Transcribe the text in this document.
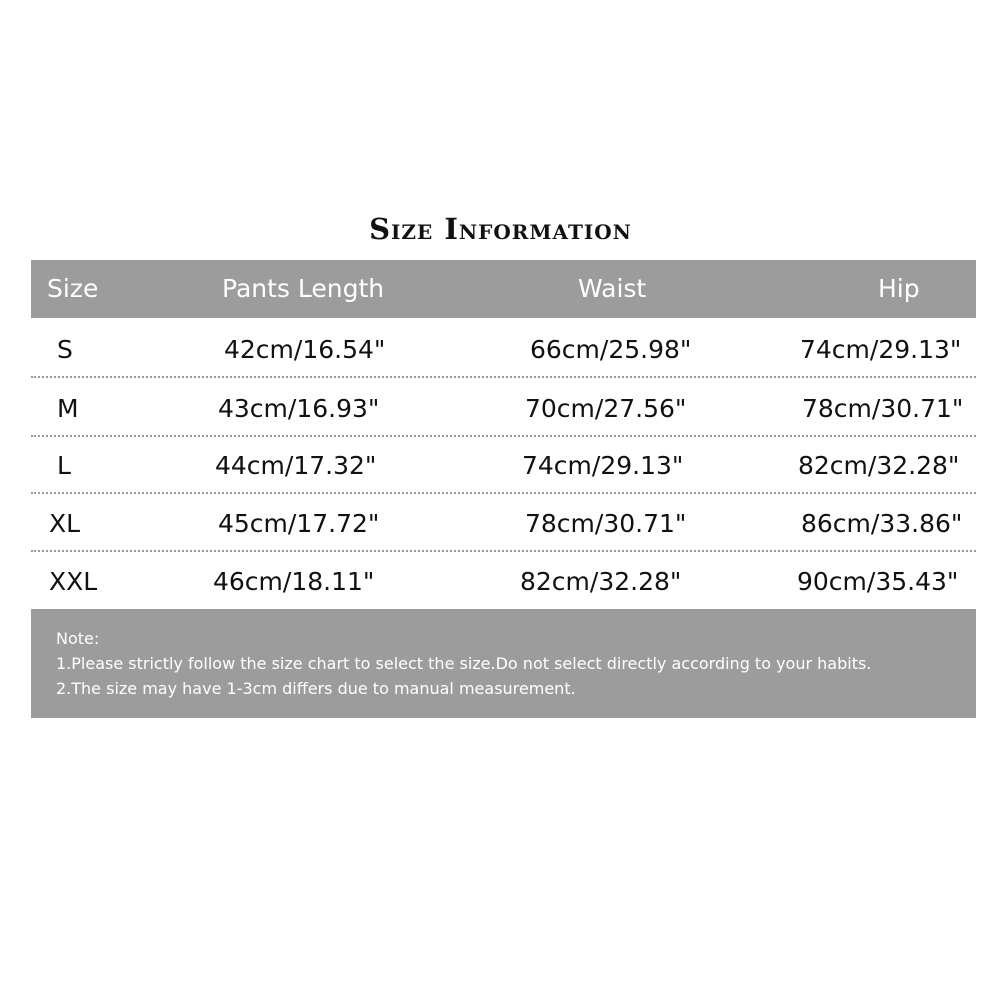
Size Information
Size	Pants Length	Waist	Hip
S	42cm/16.54"	66cm/25.98"	74cm/29.13"
M	43cm/16.93"	70cm/27.56"	78cm/30.71"
L	44cm/17.32"	74cm/29.13"	82cm/32.28"
XL	45cm/17.72"	78cm/30.71"	86cm/33.86"
XXL	46cm/18.11"	82cm/32.28"	90cm/35.43"
Note:
1.Please strictly follow the size chart to select the size.Do not select directly according to your habits.
2.The size may have 1-3cm differs due to manual measurement.
